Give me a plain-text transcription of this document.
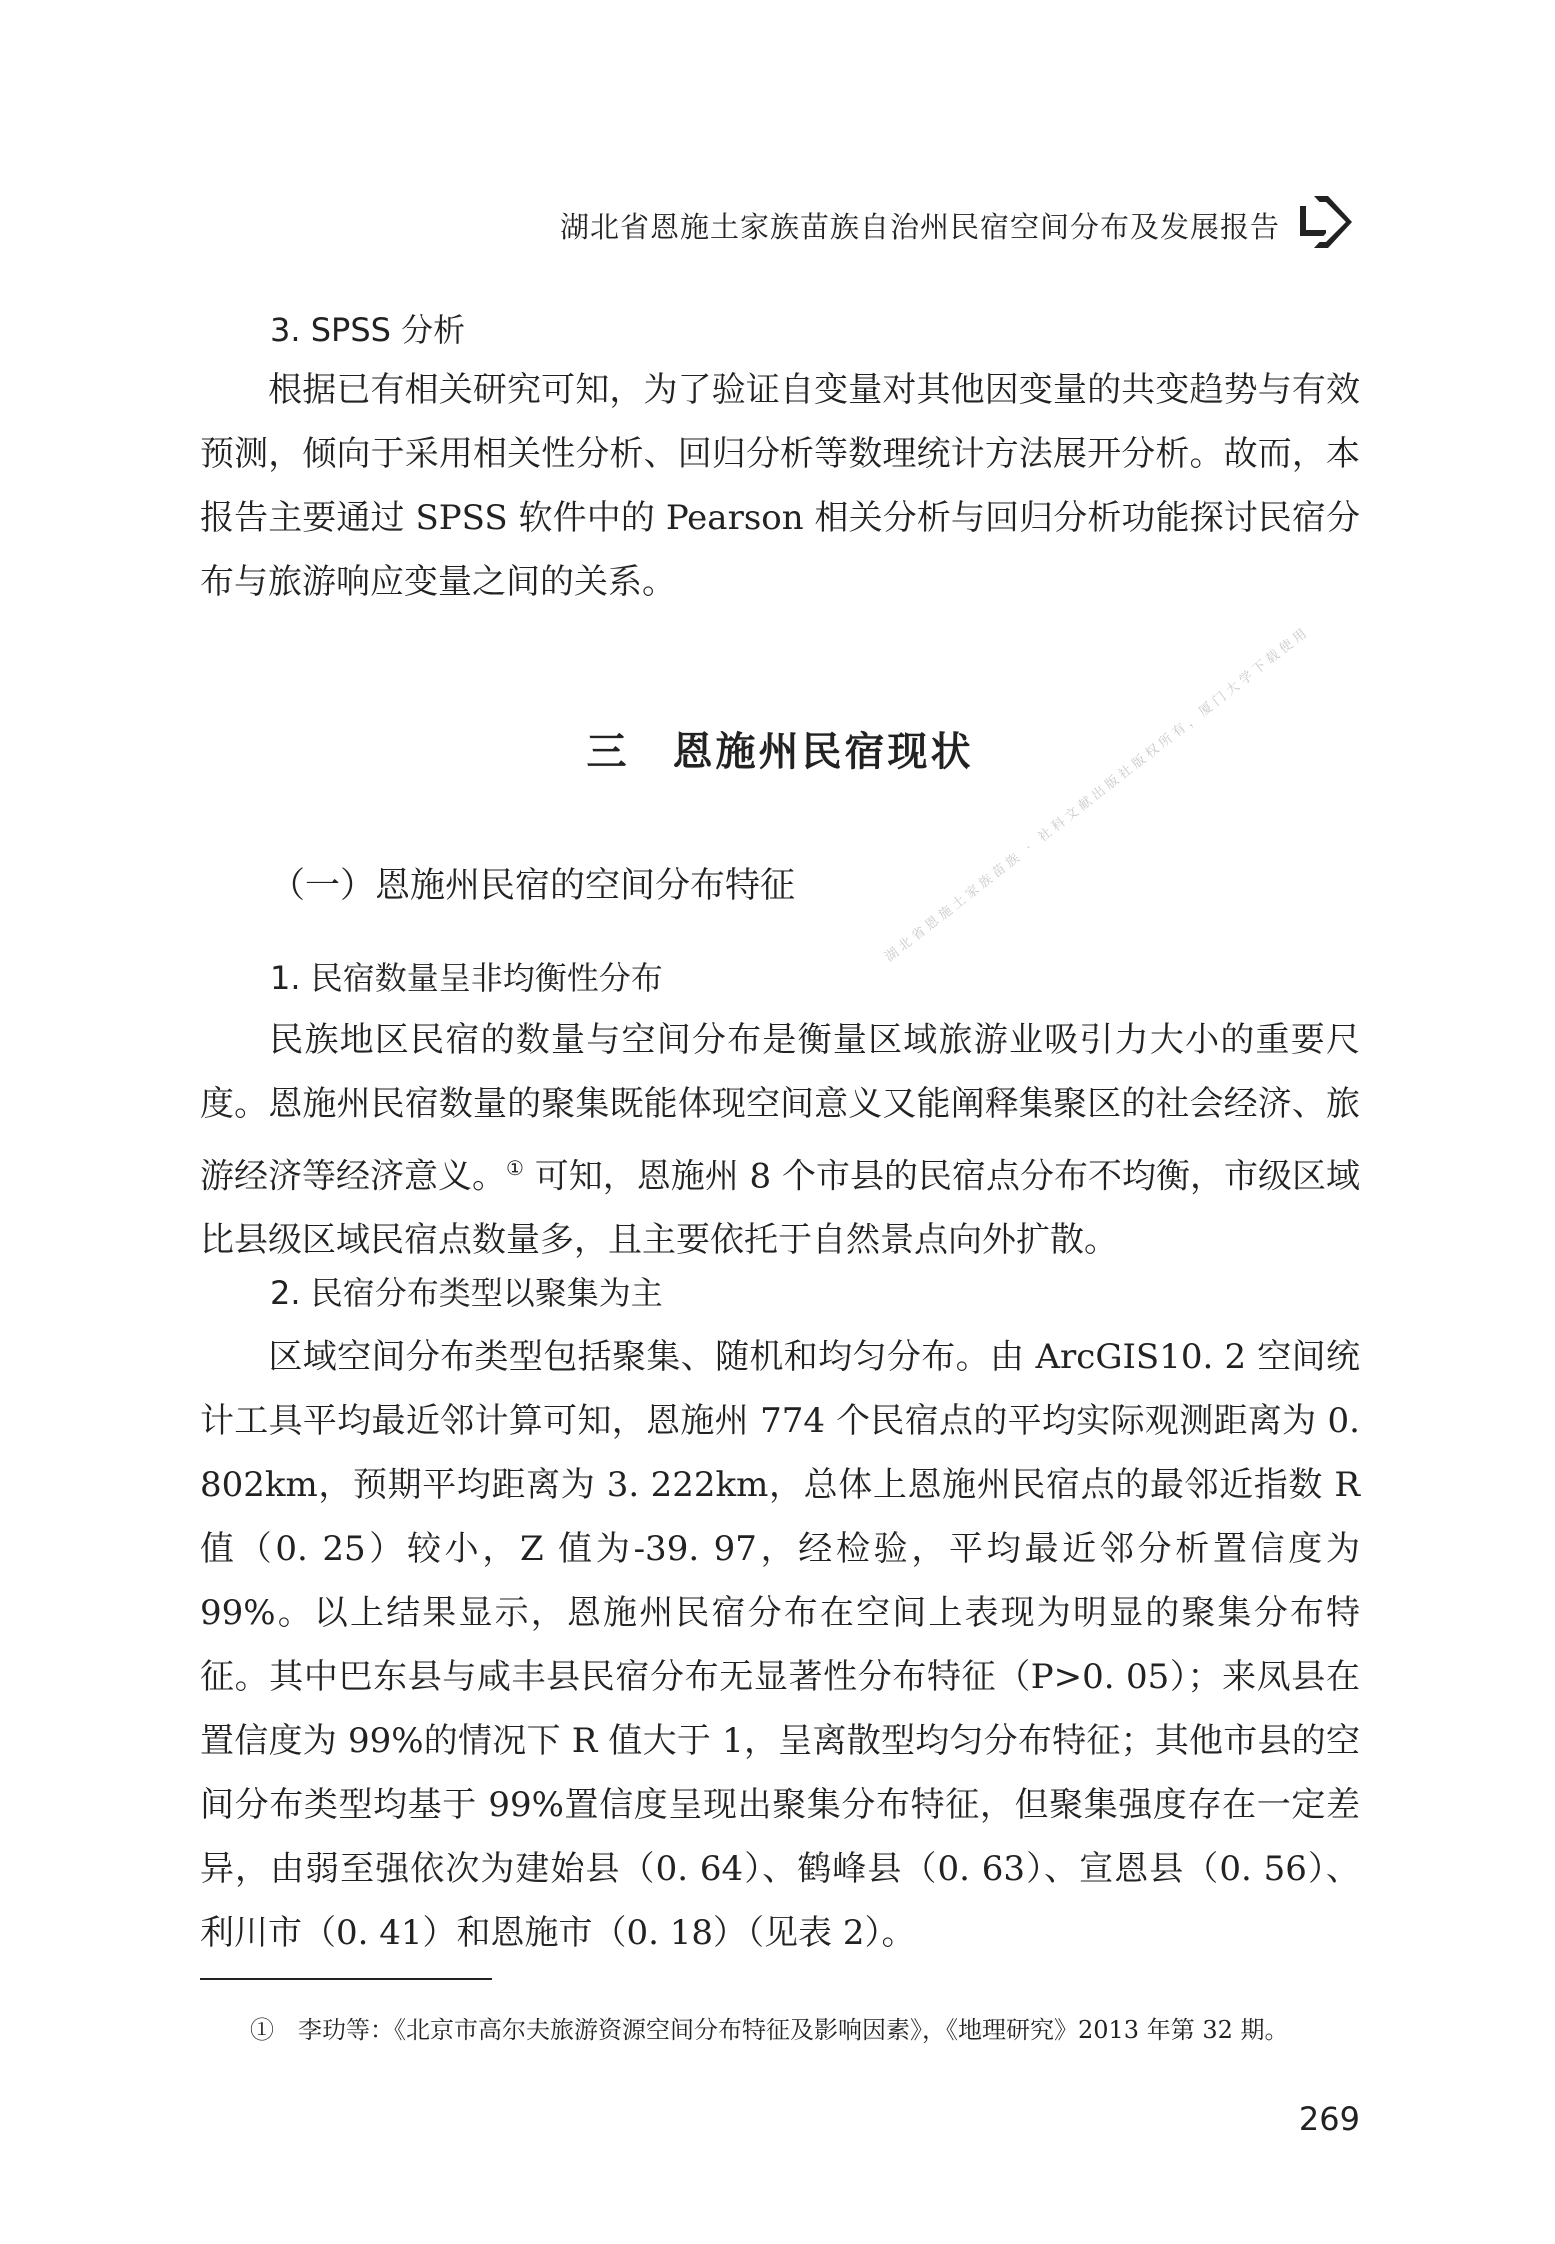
湖北省恩施土家族苗族自治州民宿空间分布及发展报告
3. SPSS 分析
根据已有相关研究可知，为了验证自变量对其他因变量的共变趋势与有效预测，倾向于采用相关性分析、回归分析等数理统计方法展开分析。故而，本报告主要通过 SPSS 软件中的 Pearson 相关分析与回归分析功能探讨民宿分布与旅游响应变量之间的关系。
三　恩施州民宿现状
（一）恩施州民宿的空间分布特征
1. 民宿数量呈非均衡性分布
民族地区民宿的数量与空间分布是衡量区域旅游业吸引力大小的重要尺度。恩施州民宿数量的聚集既能体现空间意义又能阐释集聚区的社会经济、旅游经济等经济意义。① 可知，恩施州 8 个市县的民宿点分布不均衡，市级区域比县级区域民宿点数量多，且主要依托于自然景点向外扩散。
2. 民宿分布类型以聚集为主
区域空间分布类型包括聚集、随机和均匀分布。由 ArcGIS10. 2 空间统计工具平均最近邻计算可知，恩施州 774 个民宿点的平均实际观测距离为 0. 802km，预期平均距离为 3. 222km，总体上恩施州民宿点的最邻近指数 R 值（0. 25）较小，Z 值为-39. 97，经检验，平均最近邻分析置信度为 99%。以上结果显示，恩施州民宿分布在空间上表现为明显的聚集分布特征。其中巴东县与咸丰县民宿分布无显著性分布特征（P>0. 05）；来凤县在置信度为 99%的情况下 R 值大于 1，呈离散型均匀分布特征；其他市县的空间分布类型均基于 99%置信度呈现出聚集分布特征，但聚集强度存在一定差异，由弱至强依次为建始县（0. 64）、鹤峰县（0. 63）、宣恩县（0. 56）、利川市（0. 41）和恩施市（0. 18）（见表 2）。
①　 李玏等：《北京市高尔夫旅游资源空间分布特征及影响因素》，《地理研究》2013 年第 32 期。
269
湖北省恩施土家族苗族 · 社科文献出版社版权所有，厦门大学下载使用
